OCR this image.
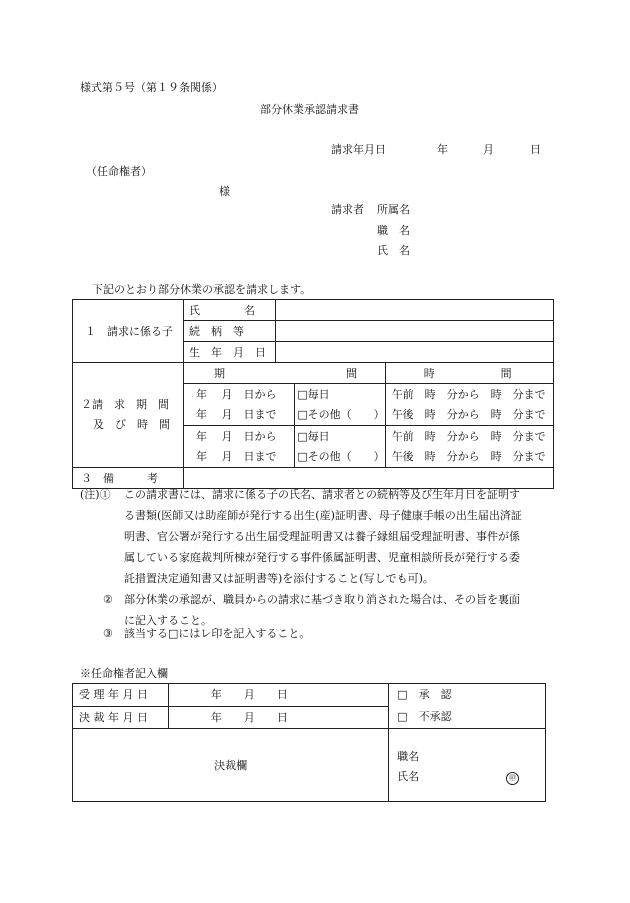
様式第５号（第１９条関係）
部分休業承認請求書
請求年月日	年	月	日
（任命権者）
様
請求者 所属名
職　名
氏　名
下記のとおり部分休業の承認を請求します。
１　請求に係る子	氏　　　　名			
	続　柄　等			
	生　年　月　日			

２請　求　期　間
及　び　時　間	期　　　　　　　　　　　間			時　　　　　　間
	年　 月　日から		□毎日	午前　時　分から　時　分まで
	年　 月　日まで		□その他（　　）	午後　時　分から　時　分まで
	年　 月　日から		□毎日	午前　時　分から　時　分まで
	年　 月　日まで		□その他（　　）	午後　時　分から　時　分まで
３　備　　　考				
(注)① この請求書には、請求に係る子の氏名、請求者との続柄等及び生年月日を証明す
る書類(医師又は助産師が発行する出生(産)証明書、母子健康手帳の出生届出済証
明書、官公署が発行する出生届受理証明書又は養子縁組届受理証明書、事件が係
属している家庭裁判所棟が発行する事件係属証明書、児童相談所長が発行する委
託措置決定通知書又は証明書等)を添付すること(写しでも可)。
② 部分休業の承認が、職員からの請求に基づき取り消された場合は、その旨を裏面
に記入すること。
③ 該当する□にはレ印を記入すること。
※任命権者記入欄
受 理 年 月 日	年　　月　　日	□　承　認
□　不承認

決 裁 年 月 日	年　　月　　日	
決裁欄		職名
氏名 ㊞
